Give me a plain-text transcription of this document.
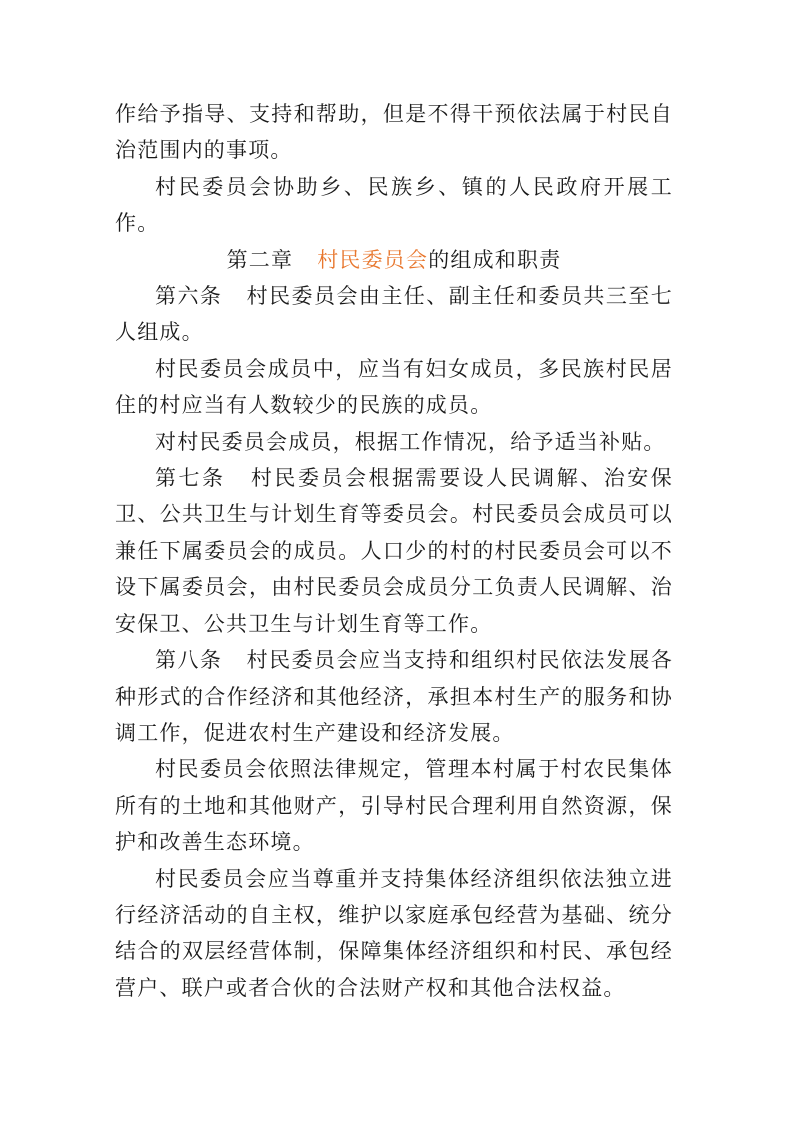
作给予指导、支持和帮助，但是不得干预依法属于村民自治范围内的事项。

村民委员会协助乡、民族乡、镇的人民政府开展工作。

第二章 村民委员会的组成和职责

第六条 村民委员会由主任、副主任和委员共三至七人组成。

村民委员会成员中，应当有妇女成员，多民族村民居住的村应当有人数较少的民族的成员。

对村民委员会成员，根据工作情况，给予适当补贴。

第七条 村民委员会根据需要设人民调解、治安保卫、公共卫生与计划生育等委员会。村民委员会成员可以兼任下属委员会的成员。人口少的村的村民委员会可以不设下属委员会，由村民委员会成员分工负责人民调解、治安保卫、公共卫生与计划生育等工作。

第八条 村民委员会应当支持和组织村民依法发展各种形式的合作经济和其他经济，承担本村生产的服务和协调工作，促进农村生产建设和经济发展。

村民委员会依照法律规定，管理本村属于村农民集体所有的土地和其他财产，引导村民合理利用自然资源，保护和改善生态环境。

村民委员会应当尊重并支持集体经济组织依法独立进行经济活动的自主权，维护以家庭承包经营为基础、统分结合的双层经营体制，保障集体经济组织和村民、承包经营户、联户或者合伙的合法财产权和其他合法权益。
